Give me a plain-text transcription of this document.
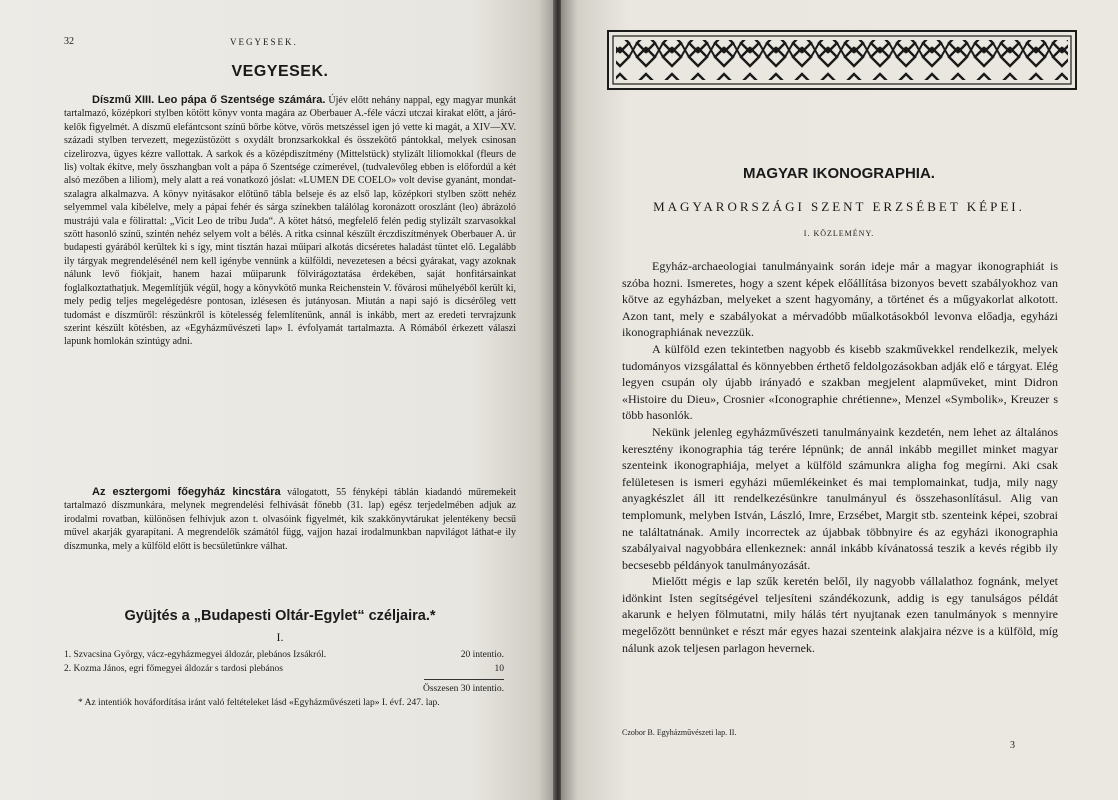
32	VEGYESEK.
VEGYESEK.

Díszmű XIII. Leo pápa ő Szentsége számára. Újév előtt nehány nappal, egy magyar munkát tartalmazó, középkori stylben kötött könyv vonta magára az Oberbauer A.-féle váczi utczai kirakat előtt, a járó-kelők figyelmét. A díszmű elefántcsont színű bőrbe kötve, vörös metszéssel igen jó vette ki magát, a XIV—XV. századi stylben tervezett, megezüstözött s oxydált bronzsarkokkal és összekötő pántokkal, melyek csinosan cizelirozva, ügyes kézre vallottak. A sarkok és a középdiszítmény (Mittelstück) stylizált liliomokkal (fleurs de lis) voltak ékítve, mely összhangban volt a pápa ő Szentsége czímerével, (tudvalevőleg ebben is előfordúl a két alsó mezőben a liliom), mely alatt a reá vonatkozó jóslat: «LUMEN DE COELO» volt devise gyanánt, mondat-szalagra alkalmazva. A könyv nyitásakor előtünő tábla belseje és az első lap, középkori stylben szött nehéz selyemmel vala kibélelve, mely a pápai fehér és sárga színekben találólag koronázott oroszlánt (leo) ábrázoló mustrájú vala e fölirattal: „Vicit Leo de tribu Juda“. A kötet hátsó, megfelelő felén pedig stylizált szarvasokkal szött hasonló színű, szintén nehéz selyem volt a bélés. A ritka csinnal készült érczdiszítmények Oberbauer A. úr budapesti gyárából kerültek ki s így, mint tisztán hazai műipari alkotás dicséretes haladást tüntet elő. Legalább ily tárgyak megrendelésénél nem kell igénybe vennünk a külföldi, nevezetesen a bécsi gyárakat, vagy azoknak nálunk levő fiókjait, hanem hazai műiparunk fölvirágoztatása érdekében, saját honfitársainkat foglalkoztathatjuk. Megemlítjük végül, hogy a könyvkötő munka Reichenstein V. fővárosi műhelyéből került ki, mely pedig teljes megelégedésre pontosan, izlésesen és jutányosan. Miután a napi sajó is dicsérőleg vett tudomást e díszműről: részünkről is kötelesség felemlítenünk, annál is inkább, mert az eredeti tervrajzunk szerint készült kötésben, az «Egyházművészeti lap» I. évfolyamát tartalmazta. A Rómából érkezett válaszi lapunk homlokán szintúgy adni.

Az esztergomi főegyház kincstára válogatott, 55 fényképi táblán kiadandó műremekeit tartalmazó díszmunkára, melynek megrendelési felhívását főnebb (31. lap) egész terjedelmében adjuk az irodalmi rovatban, különösen felhívjuk azon t. olvasóink figyelmét, kik szakkönyvtárukat jelentékeny becsű művel akarják gyarapítani. A megrendelők számától függ, vajjon hazai irodalmunkban napvilágot láthat-e ily díszmunka, mely a külföld előtt is becsületünkre válhat.

Gyüjtés a „Budapesti Oltár-Egylet“ czéljaira.*
I.
1. Szvacsina György, vácz-egyházmegyei áldozár, plebános Izsákról.	20 intentio.
2. Kozma János, egri főmegyei áldozár s tardosi plebános	10
Összesen 30 intentio.
* Az intentiók hováfordítása iránt való feltételeket lásd «Egyházművészeti lap» I. évf. 247. lap.
MAGYAR IKONOGRAPHIA.
MAGYARORSZÁGI SZENT ERZSÉBET KÉPEI.
I. KÖZLEMÉNY.

Egyház-archaeologiai tanulmányaink során ideje már a magyar ikonographiát is szóba hozni. Ismeretes, hogy a szent képek előállítása bizonyos bevett szabályokhoz van kötve az egyházban, melyeket a szent hagyomány, a történet és a műgyakorlat alkotott. Azon tant, mely e szabályokat a mérvadóbb műalkotásokból levonva előadja, egyházi ikonographiának nevezzük.

A külföld ezen tekintetben nagyobb és kisebb szakművekkel rendelkezik, melyek tudományos vizsgálattal és könnyebben érthető feldolgozásokban adják elő e tárgyat. Elég legyen csupán oly újabb irányadó e szakban megjelent alapműveket, mint Didron «Histoire du Dieu», Crosnier «Iconographie chrétienne», Menzel «Symbolik», Kreuzer s több hasonlók.

Nekünk jelenleg egyházművészeti tanulmányaink kezdetén, nem lehet az általános keresztény ikonographia tág terére lépnünk; de annál inkább megillet minket magyar szenteink ikonographiája, melyet a külföld számunkra aligha fog megírni. Aki csak felületesen is ismeri egyházi műemlékeinket és mai templomainkat, tudja, mily nagy anyagkészlet áll itt rendelkezésünkre tanulmányul és összehasonlításul. Alig van templomunk, melyben István, László, Imre, Erzsébet, Margit stb. szenteink képei, szobrai ne találtatnának. Amily incorrectek az újabbak többnyire és az egyházi ikonographia szabályaival nagyobbára ellenkeznek: annál inkább kívánatossá teszik a kevés régibb ily becsesebb példányok tanulmányozását.

Mielőtt mégis e lap szűk keretén belől, ily nagyobb vállalathoz fognánk, melyet idönkint Isten segítségével teljesíteni szándékozunk, addig is egy tanulságos példát akarunk e helyen fölmutatni, mily hálás tért nyujtanak ezen tanulmányok s mennyire megelőzött bennünket e részt már egyes hazai szenteink alakjaira nézve is a külföld, míg nálunk azok teljesen parlagon hevernek.

Czobor B. Egyházművészeti lap. II.
3
